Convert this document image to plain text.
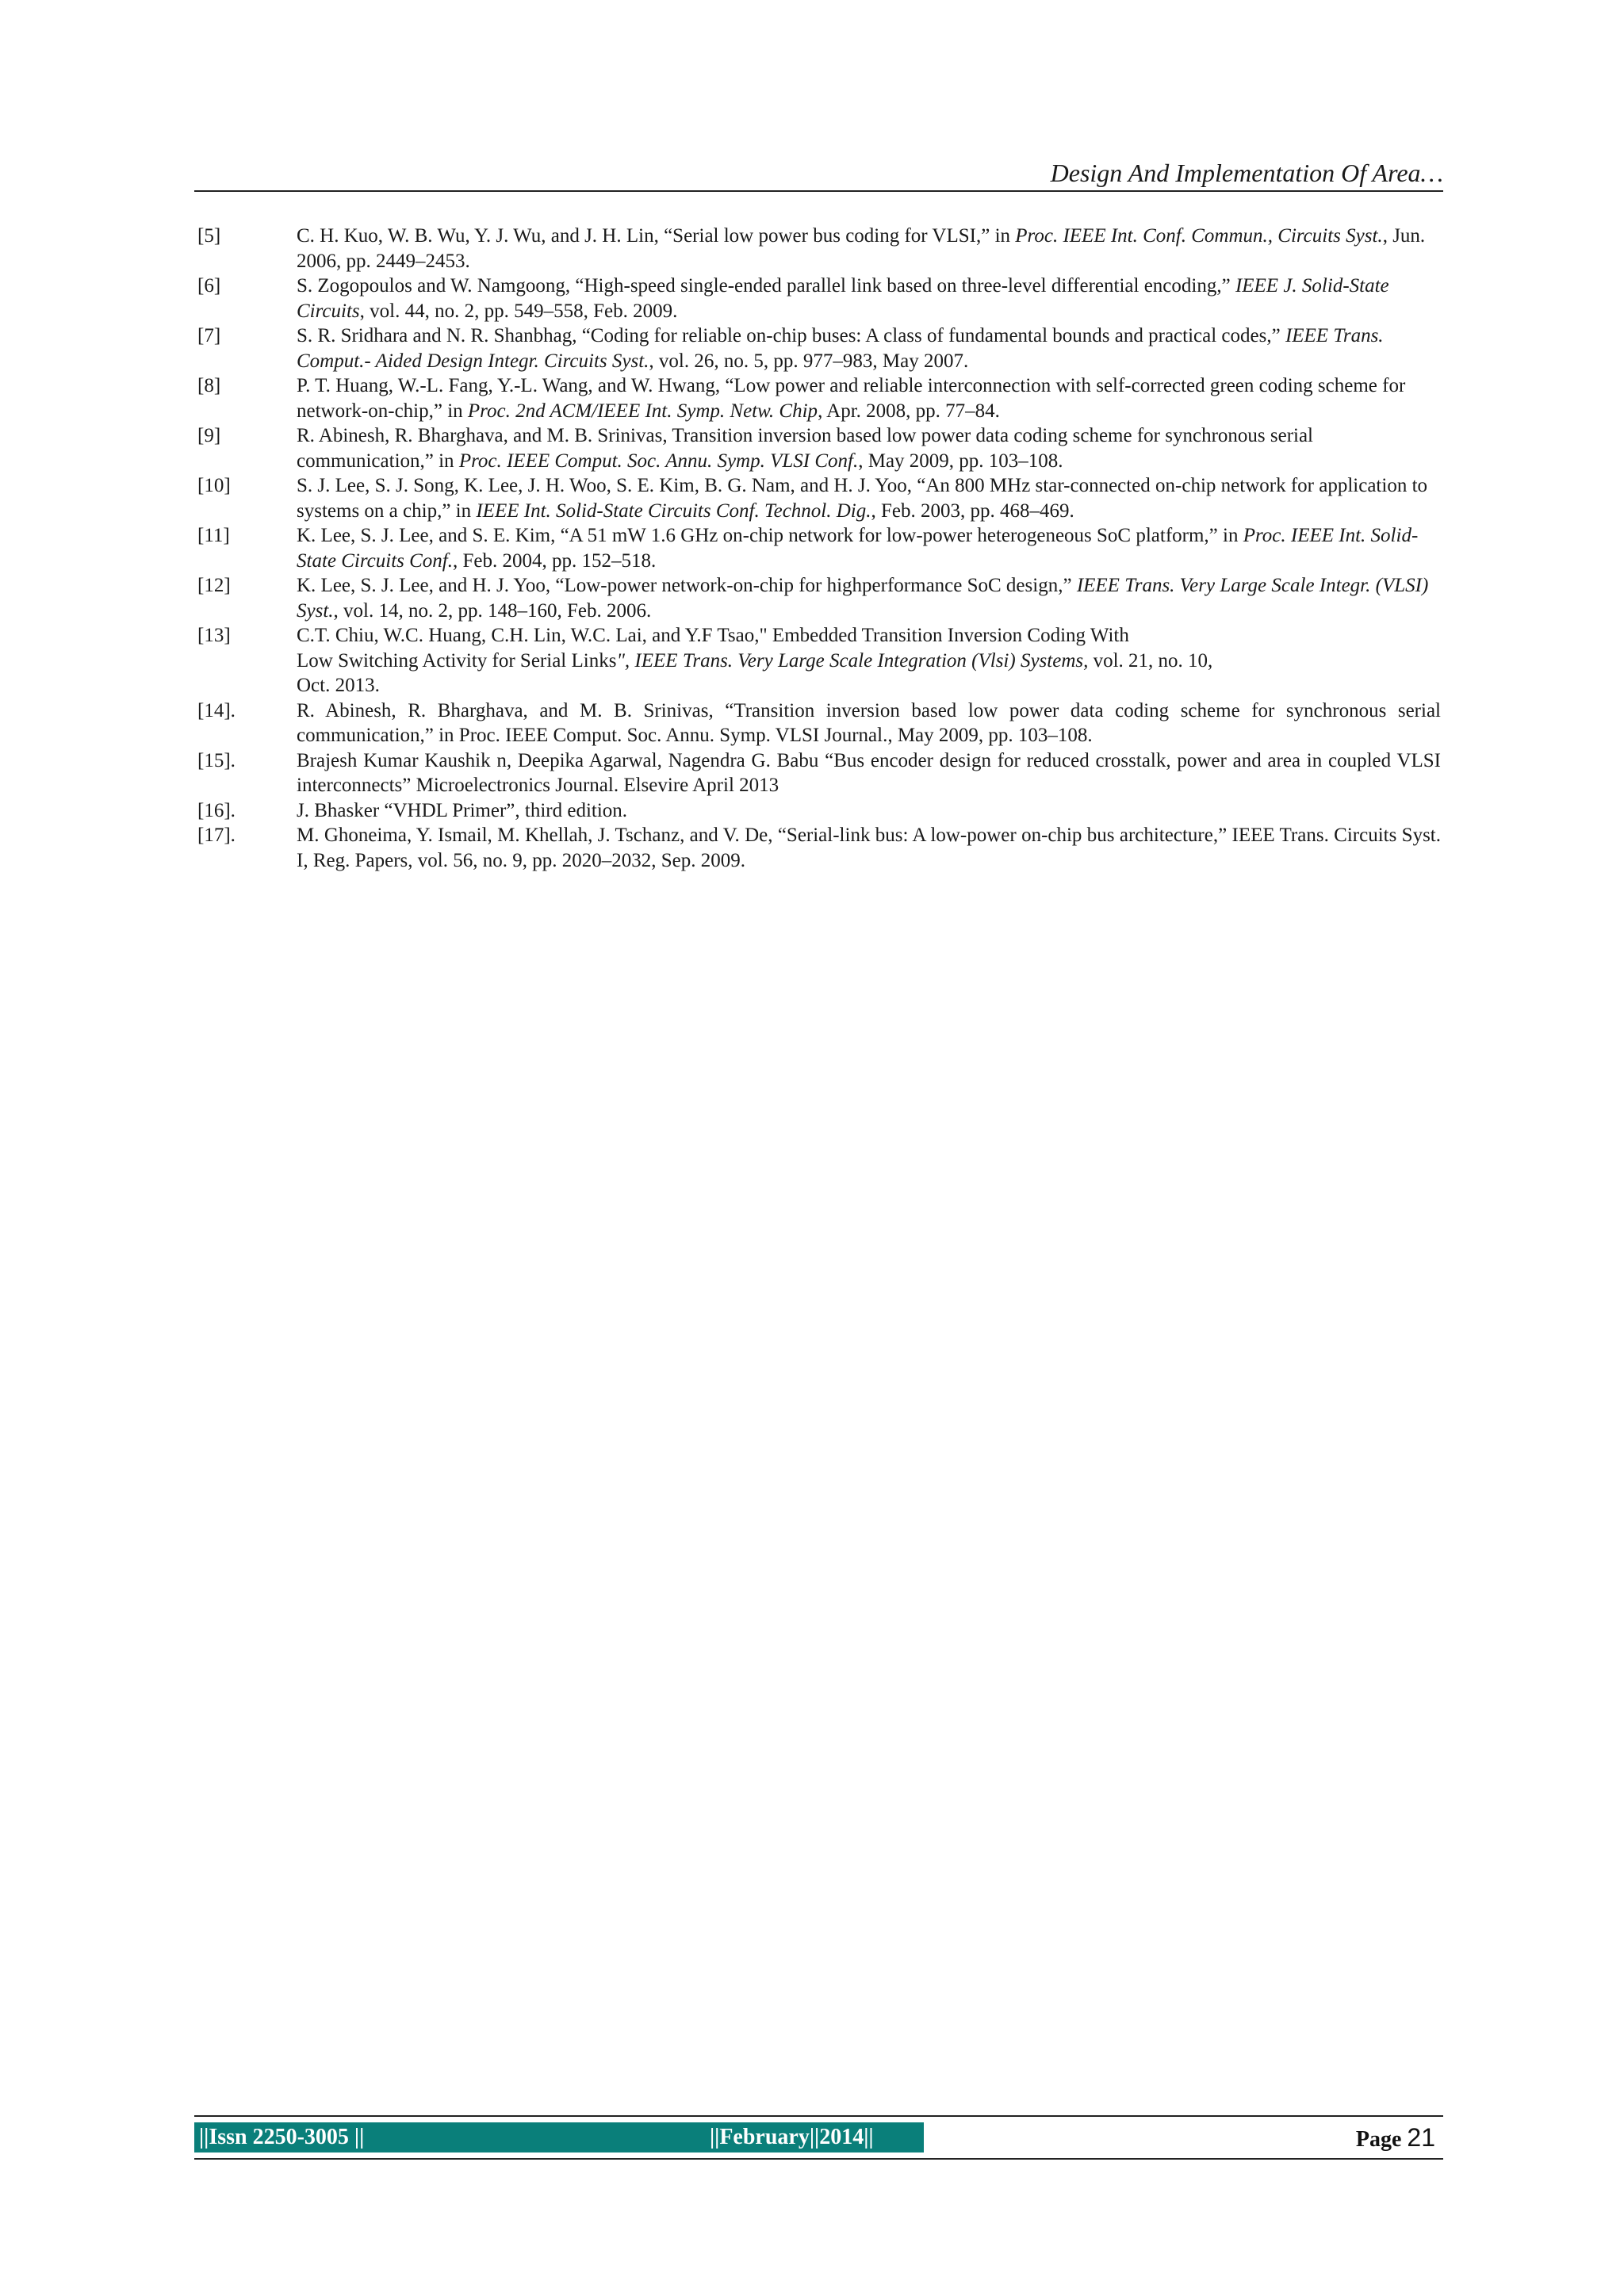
Design And Implementation Of Area…
[5]	C. H. Kuo, W. B. Wu, Y. J. Wu, and J. H. Lin, “Serial low power bus coding for VLSI,” in Proc. IEEE Int. Conf. Commun., Circuits Syst., Jun. 2006, pp. 2449–2453.
[6]	S. Zogopoulos and W. Namgoong, “High-speed single-ended parallel link based on three-level differential encoding,” IEEE J. Solid-State Circuits, vol. 44, no. 2, pp. 549–558, Feb. 2009.
[7]	S. R. Sridhara and N. R. Shanbhag, “Coding for reliable on-chip buses: A class of fundamental bounds and practical codes,” IEEE Trans. Comput.- Aided Design Integr. Circuits Syst., vol. 26, no. 5, pp. 977–983, May 2007.
[8]	P. T. Huang, W.-L. Fang, Y.-L. Wang, and W. Hwang, “Low power and reliable interconnection with self-corrected green coding scheme for network-on-chip,” in Proc. 2nd ACM/IEEE Int. Symp. Netw. Chip, Apr. 2008, pp. 77–84.
[9]	R. Abinesh, R. Bharghava, and M. B. Srinivas, Transition inversion based low power data coding scheme for synchronous serial communication,” in Proc. IEEE Comput. Soc. Annu. Symp. VLSI Conf., May 2009, pp. 103–108.
[10]	S. J. Lee, S. J. Song, K. Lee, J. H. Woo, S. E. Kim, B. G. Nam, and H. J. Yoo, “An 800 MHz star-connected on-chip network for application to systems on a chip,” in IEEE Int. Solid-State Circuits Conf. Technol. Dig., Feb. 2003, pp. 468–469.
[11]	K. Lee, S. J. Lee, and S. E. Kim, “A 51 mW 1.6 GHz on-chip network for low-power heterogeneous SoC platform,” in Proc. IEEE Int. Solid- State Circuits Conf., Feb. 2004, pp. 152–518.
[12]	K. Lee, S. J. Lee, and H. J. Yoo, “Low-power network-on-chip for highperformance SoC design,” IEEE Trans. Very Large Scale Integr. (VLSI) Syst., vol. 14, no. 2, pp. 148–160, Feb. 2006.
[13]	C.T. Chiu, W.C. Huang, C.H. Lin, W.C. Lai, and Y.F Tsao," Embedded Transition Inversion Coding With
Low Switching Activity for Serial Links", IEEE Trans. Very Large Scale Integration (Vlsi) Systems, vol. 21, no. 10,
Oct. 2013.
[14].	R. Abinesh, R. Bharghava, and M. B. Srinivas, “Transition inversion based low power data coding scheme for synchronous serial communication,” in Proc. IEEE Comput. Soc. Annu. Symp. VLSI Journal., May 2009, pp. 103–108.
[15].	Brajesh Kumar Kaushik n, Deepika Agarwal, Nagendra G. Babu “Bus encoder design for reduced crosstalk, power and area in coupled VLSI interconnects” Microelectronics Journal. Elsevire April 2013
[16].	J. Bhasker “VHDL Primer”, third edition.
[17].	M. Ghoneima, Y. Ismail, M. Khellah, J. Tschanz, and V. De, “Serial-link bus: A low-power on-chip bus architecture,” IEEE Trans. Circuits Syst. I, Reg. Papers, vol. 56, no. 9, pp. 2020–2032, Sep. 2009.
||Issn 2250-3005 ||	||February||2014||	Page 21
